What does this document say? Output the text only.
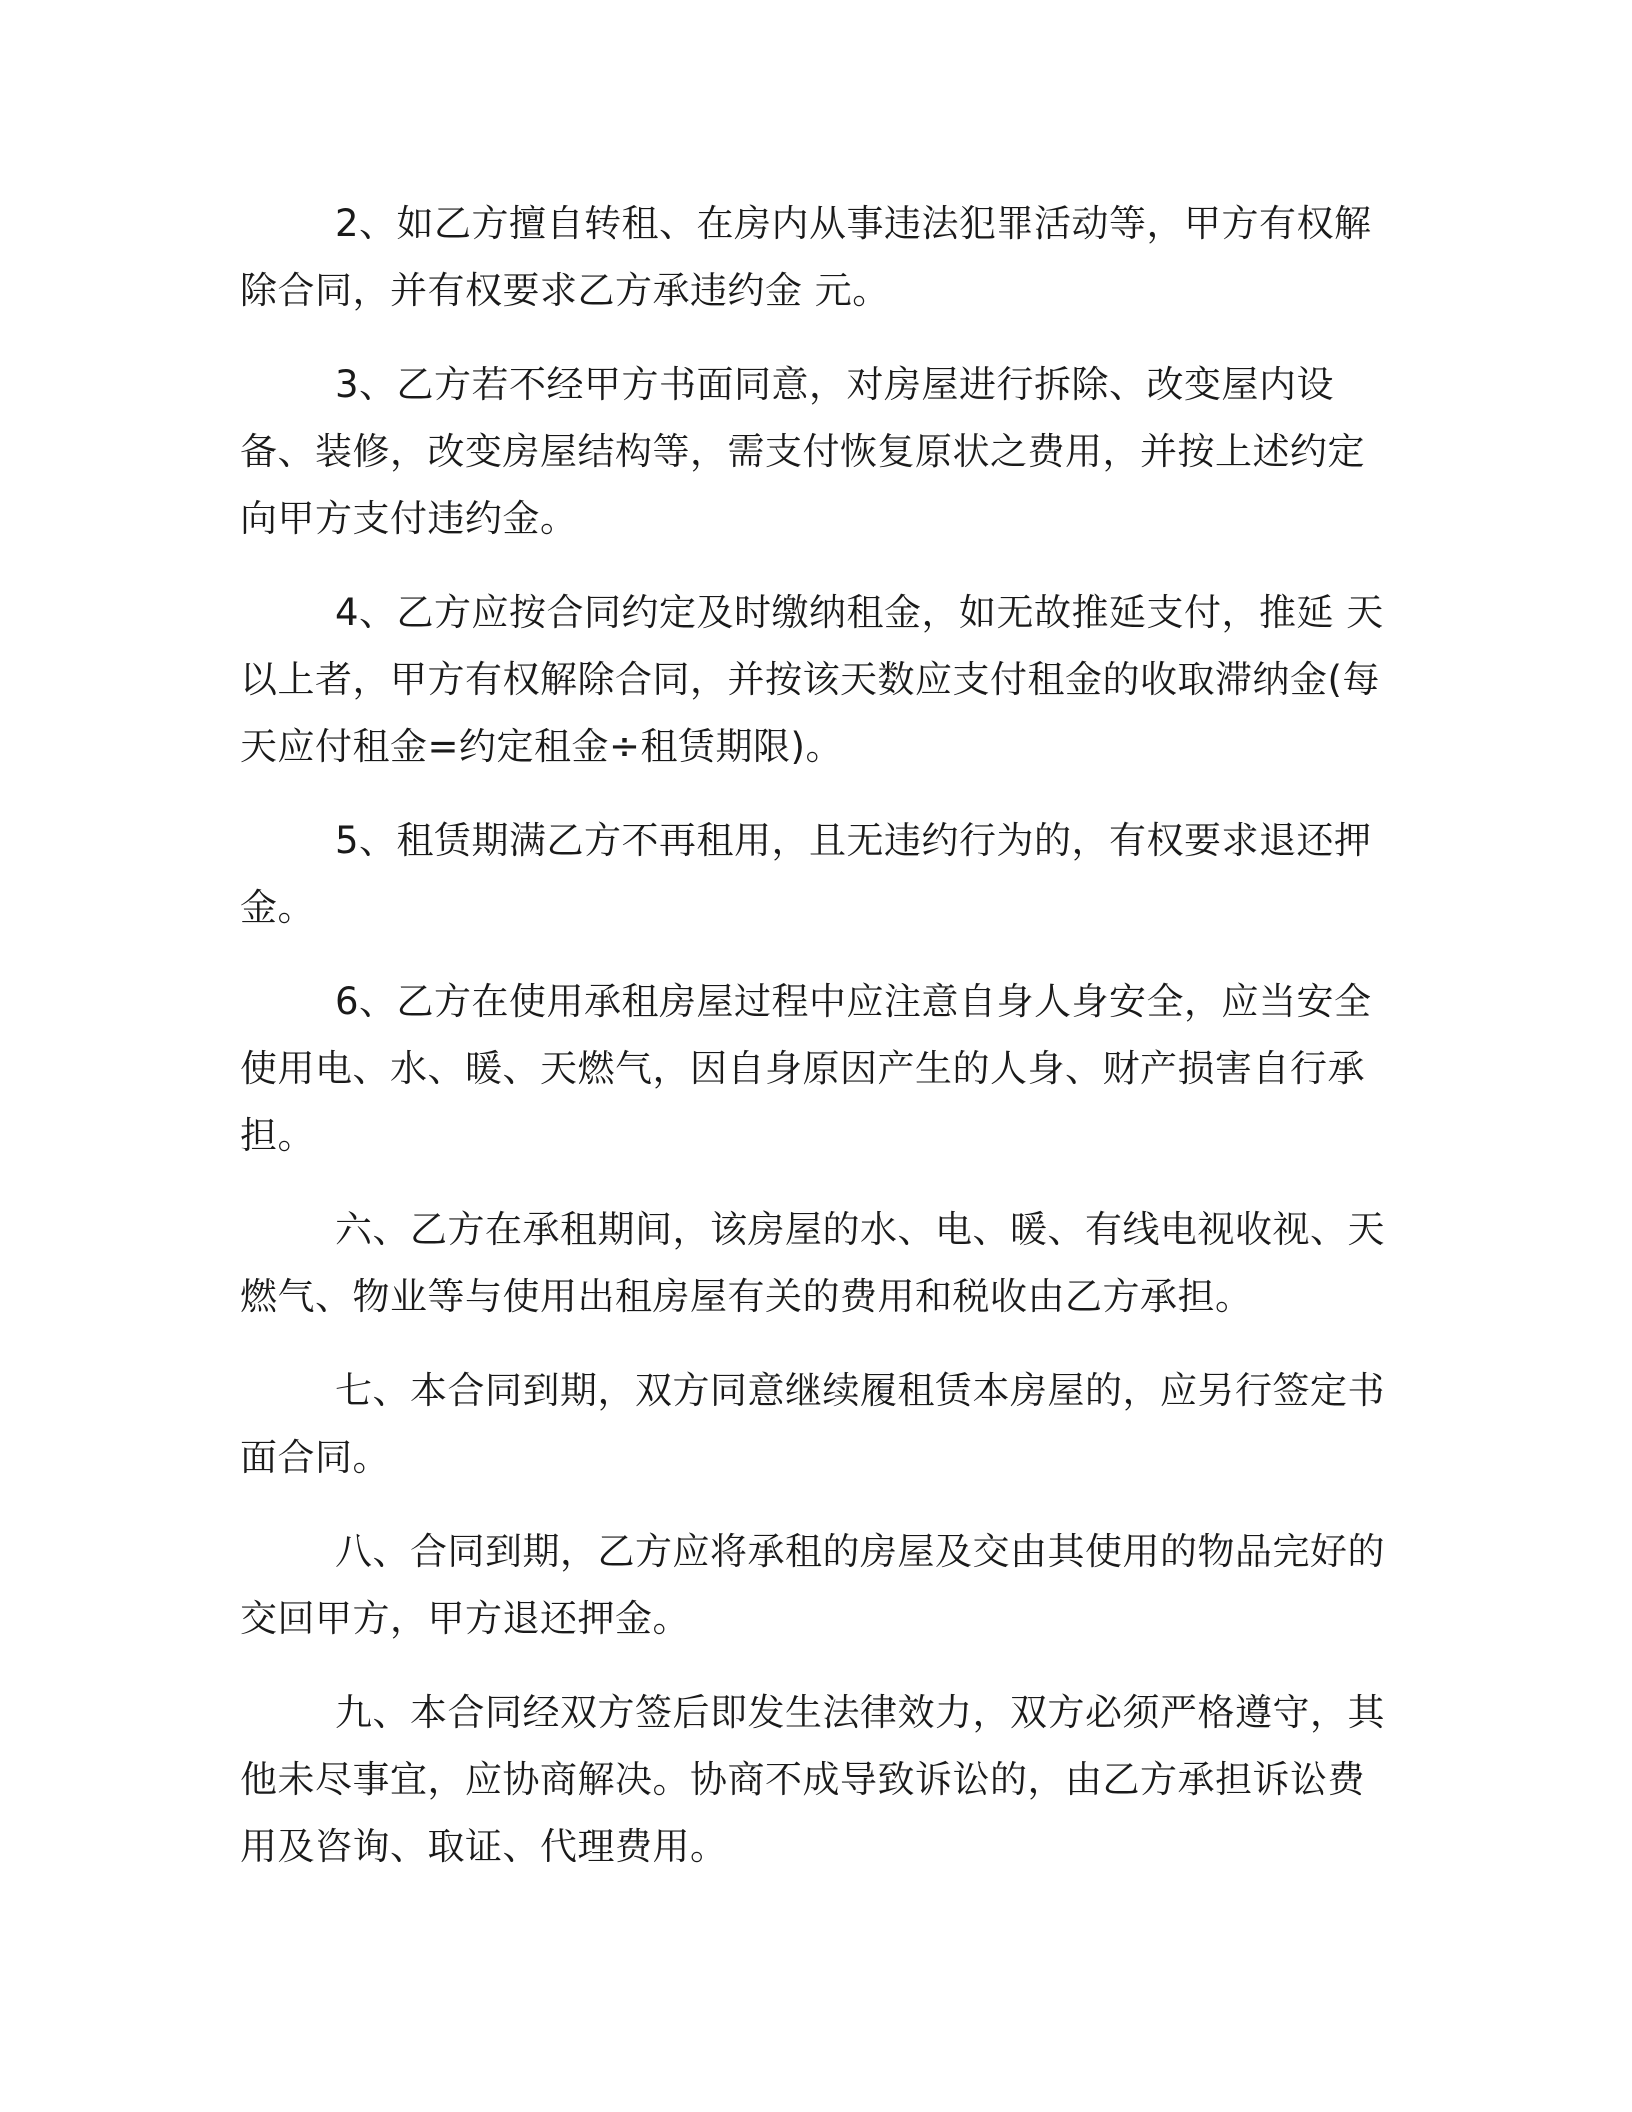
2、如乙方擅自转租、在房内从事违法犯罪活动等，甲方有权解除合同，并有权要求乙方承违约金 元。

3、乙方若不经甲方书面同意，对房屋进行拆除、改变屋内设备、装修，改变房屋结构等，需支付恢复原状之费用，并按上述约定向甲方支付违约金。

4、乙方应按合同约定及时缴纳租金，如无故推延支付，推延 天以上者，甲方有权解除合同，并按该天数应支付租金的收取滞纳金(每天应付租金=约定租金÷租赁期限)。

5、租赁期满乙方不再租用，且无违约行为的，有权要求退还押金。

6、乙方在使用承租房屋过程中应注意自身人身安全，应当安全使用电、水、暖、天燃气，因自身原因产生的人身、财产损害自行承担。

六、乙方在承租期间，该房屋的水、电、暖、有线电视收视、天燃气、物业等与使用出租房屋有关的费用和税收由乙方承担。

七、本合同到期，双方同意继续履租赁本房屋的，应另行签定书面合同。

八、合同到期，乙方应将承租的房屋及交由其使用的物品完好的交回甲方，甲方退还押金。

九、本合同经双方签后即发生法律效力，双方必须严格遵守，其他未尽事宜，应协商解决。协商不成导致诉讼的，由乙方承担诉讼费用及咨询、取证、代理费用。
